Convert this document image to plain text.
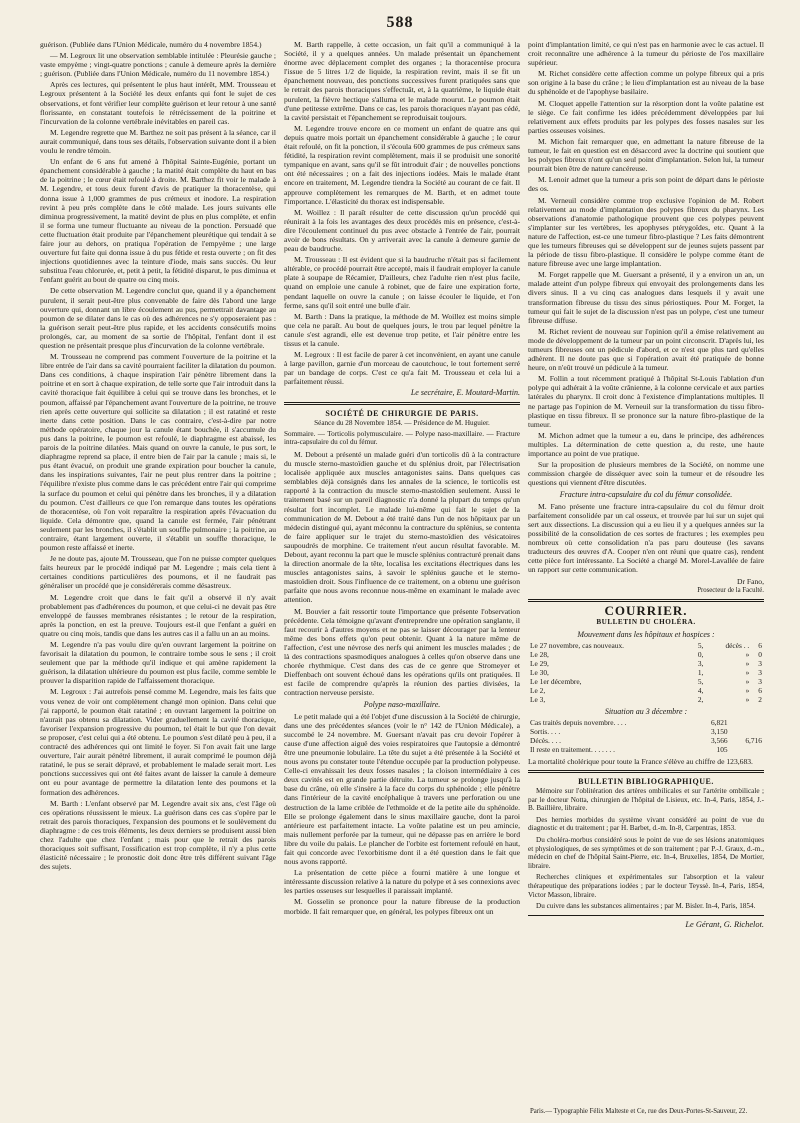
588

guérison. (Publiée dans l'Union Médicale, numéro du 4 novembre 1854.)

— M. Legroux lit une observation semblable intitulée : Pleurésie gauche ; vaste empyème ; vingt-quatre ponctions ; canule à demeure après la dernière ; guérison. (Publiée dans l'Union Médicale, numéro du 11 novembre 1854.)

Après ces lectures, qui présentent le plus haut intérêt, MM. Trousseau et Legroux présentent à la Société les deux enfants qui font le sujet de ces observations, et font vérifier leur complète guérison et leur retour à une santé florissante, en constatant toutefois le rétrécissement de la poitrine et l'incurvation de la colonne vertébrale inévitables en pareil cas.

M. Legendre regrette que M. Barthez ne soit pas présent à la séance, car il aurait communiqué, dans tous ses détails, l'observation suivante dont il a bien voulu le rendre témoin.

Un enfant de 6 ans fut amené à l'hôpital Sainte-Eugénie, portant un épanchement considérable à gauche ; la matité était complète du haut en bas de la poitrine ; le cœur était refoulé à droite. M. Barthez fit voir le malade à M. Legendre, et tous deux furent d'avis de pratiquer la thoracentèse, qui donna issue à 1,000 grammes de pus crémeux et inodore. La respiration revint à peu près complète dans le côté malade. Les jours suivants elle diminua progressivement, la matité devint de plus en plus complète, et enfin il se forma une tumeur fluctuante au niveau de la ponction. Persuadé que cette fluctuation était produite par l'épanchement pleurétique qui tendait à se faire jour au dehors, on pratiqua l'opération de l'empyème ; une large ouverture fut faite qui donna issue à du pus fétide et resta ouverte ; on fit des injections quotidiennes avec la teinture d'iode, mais sans succès. Ou leur substitua l'eau chlorurée, et, petit à petit, la fétidité disparut, le pus diminua et l'enfant guérit au bout de quatre ou cinq mois.

De cette observation M. Legendre conclut que, quand il y a épanchement purulent, il serait peut-être plus convenable de faire dès l'abord une large ouverture qui, donnant un libre écoulement au pus, permettrait davantage au poumon de se dilater dans le cas où des adhérences ne s'y opposeraient pas : la guérison serait peut-être plus rapide, et les accidents consécutifs moins prolongés, car, au moment de sa sortie de l'hôpital, l'enfant dont il est question ne présentait presque plus d'incurvation de la colonne vertébrale.

M. Trousseau ne comprend pas comment l'ouverture de la poitrine et la libre entrée de l'air dans sa cavité pourraient faciliter la dilatation du poumon. Dans ces conditions, à chaque inspiration l'air pénètre librement dans la poitrine et en sort à chaque expiration, de telle sorte que l'air introduit dans la cavité thoracique fait équilibre à celui qui se trouve dans les bronches, et le poumon, affaissé par l'épanchement avant l'ouverture de la poitrine, ne trouve rien après cette ouverture qui sollicite sa dilatation ; il est ratatiné et reste inerte dans cette position. Dans le cas contraire, c'est-à-dire par notre méthode opératoire, chaque jour la canule étant bouchée, il s'accumule du pus dans la poitrine, le poumon est refoulé, le diaphragme est abaissé, les parois de la poitrine dilatées. Mais quand on ouvre la canule, le pus sort, le diaphragme reprend sa place, il entre bien de l'air par la canule ; mais si, le pus étant évacué, on produit une grande expiration pour boucher la canule, dans les inspirations suivantes, l'air ne peut plus rentrer dans la poitrine ; l'équilibre n'existe plus comme dans le cas précédent entre l'air qui comprime la surface du poumon et celui qui pénètre dans les bronches, il y a dilatation du poumon. C'est d'ailleurs ce que l'on remarque dans toutes les opérations de thoracentèse, où l'on voit reparaître la respiration après l'évacuation du liquide. Cela démontre que, quand la canule est fermée, l'air pénétrant seulement par les bronches, il s'établit un souffle pulmonaire ; la poitrine, au contraire, étant largement ouverte, il s'établit un souffle thoracique, le poumon reste affaissé et inerte.

Je ne doute pas, ajoute M. Trousseau, que l'on ne puisse compter quelques faits heureux par le procédé indiqué par M. Legendre ; mais cela tient à certaines conditions particulières des poumons, et il ne faudrait pas généraliser un procédé que je considérerais comme désastreux.

M. Legendre croit que dans le fait qu'il a observé il n'y avait probablement pas d'adhérences du poumon, et que celui-ci ne devait pas être enveloppé de fausses membranes résistantes ; le retour de la respiration, après la ponction, en est la preuve. Toujours est-il que l'enfant a guéri en quatre ou cinq mois, tandis que dans les autres cas il a fallu un an au moins.

M. Legendre n'a pas voulu dire qu'en ouvrant largement la poitrine on favorisait la dilatation du poumon, le contraire tombe sous le sens ; il croit seulement que par la méthode qu'il indique et qui amène rapidement la guérison, la dilatation ultérieure du poumon est plus facile, comme semble le prouver la disparition rapide de l'affaissement thoracique.

M. Legroux : J'ai autrefois pensé comme M. Legendre, mais les faits que vous venez de voir ont complètement changé mon opinion. Dans celui que j'ai rapporté, le poumon était ratatiné ; en ouvrant largement la poitrine on n'aurait pas obtenu sa dilatation. Vider graduellement la cavité thoracique, favoriser l'expansion progressive du poumon, tel était le but que l'on devait se proposer, c'est celui qui a été obtenu. Le poumon s'est dilaté peu à peu, il a contracté des adhérences qui ont limité le foyer. Si l'on avait fait une large ouverture, l'air aurait pénétré librement, il aurait comprimé le poumon déjà ratatiné, le pus se serait dépravé, et probablement le malade serait mort. Les ponctions successives qui ont été faites avant de laisser la canule à demeure ont eu pour avantage de permettre la dilatation lente des poumons et la formation des adhérences.

M. Barth : L'enfant observé par M. Legendre avait six ans, c'est l'âge où ces opérations réussissent le mieux. La guérison dans ces cas s'opère par le retrait des parois thoraciques, l'expansion des poumons et le soulèvement du diaphragme : de ces trois éléments, les deux derniers se produisent aussi bien chez l'adulte que chez l'enfant ; mais pour que le retrait des parois thoraciques soit suffisant, l'ossification est trop complète, il n'y a plus cette élasticité nécessaire ; le pronostic doit donc être très différent suivant l'âge des sujets.

M. Barth rappelle, à cette occasion, un fait qu'il a communiqué à la Société, il y a quelques années. Un malade présentait un épanchement énorme avec déplacement complet des organes ; la thoracentèse procura l'issue de 5 litres 1/2 de liquide, la respiration revint, mais il se fit un épanchement nouveau, des ponctions successives furent pratiquées sans que le retrait des parois thoraciques s'effectuât, et, à la quatrième, le liquide était purulent, la fièvre hectique s'alluma et le malade mourut. Le poumon était d'une petitesse extrême. Dans ce cas, les parois thoraciques n'ayant pas cédé, la cavité persistait et l'épanchement se reproduisait toujours.

M. Legendre trouve encore en ce moment un enfant de quatre ans qui depuis quatre mois portait un épanchement considérable à gauche ; le cœur était refoulé, on fit la ponction, il s'écoula 600 grammes de pus crémeux sans fétidité, la respiration revint complètement, mais il se produisit une sonorité tympanique en avant, sans qu'il se fût introduit d'air ; de nouvelles ponctions ont été nécessaires ; on a fait des injections iodées. Mais le malade étant encore en traitement, M. Legendre tiendra la Société au courant de ce fait. Il approuve complètement les remarques de M. Barth, et en admet toute l'importance. L'élasticité du thorax est indispensable.

M. Woillez : Il paraît résulter de cette discussion qu'un procédé qui réunirait à la fois les avantages des deux procédés mis en présence, c'est-à-dire l'écoulement continuel du pus avec obstacle à l'entrée de l'air, pourrait avoir de bons résultats. On y arriverait avec la canule à demeure garnie de peau de baudruche.

M. Trousseau : Il est évident que si la baudruche n'était pas si facilement altérable, ce procédé pourrait être accepté, mais il faudrait employer la canule plate à soupape de Récamier, D'ailleurs, chez l'adulte rien n'est plus facile, quand on emploie une canule à robinet, que de faire une expiration forte, pendant laquelle on ouvre la canule ; on laisse écouler le liquide, et l'on ferme, sans qu'il soit entré une bulle d'air.

M. Barth : Dans la pratique, la méthode de M. Woillez est moins simple que cela ne paraît. Au bout de quelques jours, le trou par lequel pénètre la canule s'est agrandi, elle est devenue trop petite, et l'air pénètre entre les tissus et la canule.

M. Legroux : Il est facile de parer à cet inconvénient, en ayant une canule à large pavillon, garnie d'un morceau de caoutchouc, le tout fortement serré par un bandage de corps. C'est ce qu'a fait M. Trousseau et cela lui a parfaitement réussi.

Le secrétaire, E. Moutard-Martin.
SOCIÉTÉ DE CHIRURGIE DE PARIS.
Séance du 28 Novembre 1854. — Présidence de M. Huguier.
Sommaire. — Torticolis polymusculaire. — Polype naso-maxillaire. — Fracture intra-capsulaire du col du fémur.

M. Debout a présenté un malade guéri d'un torticolis dû à la contracture du muscle sterno-mastoïdien gauche et du splénius droit, par l'électrisation localisée appliquée aux muscles antagonistes sains. Dans quelques cas semblables déjà consignés dans les annales de la science, le torticolis est rapporté à la contraction du muscle sterno-mastoïdien seulement. Aussi le traitement basé sur un pareil diagnostic n'a donné la plupart du temps qu'un résultat fort incomplet. Le malade lui-même qui fait le sujet de la communication de M. Debout a été traité dans l'un de nos hôpitaux par un médecin distingué qui, ayant méconnu la contracture du splénius, se contenta de faire appliquer sur le trajet du sterno-mastoïdien des vésicatoires saupoudrés de morphine. Ce traitement n'eut aucun résultat favorable. M. Debout, ayant reconnu la part que le muscle splénius contracturé prenait dans la direction anormale de la tête, localisa les excitations électriques dans les muscles antagonistes sains, à savoir le splénius gauche et le sterno-mastoïdien droit. Sous l'influence de ce traitement, on a obtenu une guérison parfaite que nous avons reconnue nous-même en examinant le malade avec attention.

M. Bouvier a fait ressortir toute l'importance que présente l'observation précédente. Cela témoigne qu'avant d'entreprendre une opération sanglante, il faut recourir à d'autres moyens et ne pas se laisser décourager par la lenteur même des bons effets qu'on peut obtenir. Quant à la nature même de l'affection, c'est une névrose des nerfs qui animent les muscles malades ; de là des contractions spasmodiques analogues à celles qu'on observe dans une chorée rhythmique. C'est dans des cas de ce genre que Stromeyer et Dieffenbach ont souvent échoué dans les opérations qu'ils ont pratiquées. Il est facile de comprendre qu'après la réunion des parties divisées, la contraction nerveuse persiste.

Polype naso-maxillaire.

Le petit malade qui a été l'objet d'une discussion à la Société de chirurgie, dans une des précédentes séances (voir le n° 142 de l'Union Médicale), a succombé le 24 novembre. M. Guersant n'avait pas cru devoir l'opérer à cause d'une affection aiguë des voies respiratoires que l'autopsie a démontré être une pneumonie lobulaire. La tête du sujet a été présentée à la Société et nous avons pu constater toute l'étendue occupée par la production polypeuse. Celle-ci envahissait les deux fosses nasales ; la cloison intermédiaire à ces deux cavités est en grande partie détruite. La tumeur se prolonge jusqu'à la base du crâne, où elle s'insère à la face du corps du sphénoïde ; elle pénètre dans l'intérieur de la cavité encéphalique à travers une perforation ou une destruction de la lame criblée de l'ethmoïde et de la petite aile du sphénoïde. Elle se prolonge également dans le sinus maxillaire gauche, dont la paroi antérieure est parfaitement intacte. La voûte palatine est un peu amincie, mais nullement perforée par la tumeur, qui ne dépasse pas en arrière le bord libre du voile du palais. Le plancher de l'orbite est fortement refoulé en haut, fait qui concorde avec l'exorbitisme dont il a été question dans le fait que nous avons rapporté.

La présentation de cette pièce a fourni matière à une longue et intéressante discussion relative à la nature du polype et à ses connexions avec les parties osseuses sur lesquelles il paraissait implanté.

M. Gosselin se prononce pour la nature fibreuse de la production morbide. Il fait remarquer que, en général, les polypes fibreux ont un

point d'implantation limité, ce qui n'est pas en harmonie avec le cas actuel. Il croit reconnaître une adhérence à la tumeur du périoste de l'os maxillaire supérieur.

M. Richet considère cette affection comme un polype fibreux qui a pris son origine à la base du crâne ; le lieu d'implantation est au niveau de la base du sphénoïde et de l'apophyse basilaire.

M. Cloquet appelle l'attention sur la résorption dont la voûte palatine est le siège. Ce fait confirme les idées précédemment développées par lui relativement aux effets produits par les polypes des fosses nasales sur les parties osseuses voisines.

M. Michon fait remarquer que, en admettant la nature fibreuse de la tumeur, le fait en question est en désaccord avec la doctrine qui soutient que les polypes fibreux n'ont qu'un seul point d'implantation. Selon lui, la tumeur pourrait bien être de nature cancéreuse.

M. Lenoir admet que la tumeur a pris son point de départ dans le périoste des os.

M. Verneuil considère comme trop exclusive l'opinion de M. Robert relativement au mode d'implantation des polypes fibreux du pharynx. Les observations d'anatomie pathologique prouvent que ces polypes peuvent s'implanter sur les vertèbres, les apophyses ptérygoïdes, etc. Quant à la nature de l'affection, est-ce une tumeur fibro-plastique ? Les faits démontrent que les tumeurs fibreuses qui se développent sur de jeunes sujets passent par la période de tissu fibro-plastique. Il considère le polype comme étant de nature fibreuse avec une large implantation.

M. Forget rappelle que M. Guersant a présenté, il y a environ un an, un malade atteint d'un polype fibreux qui envoyait des prolongements dans les divers sinus. Il a vu cinq cas analogues dans lesquels il y avait une transformation fibreuse du tissu des sinus périostiques. Pour M. Forget, la tumeur qui fait le sujet de la discussion n'est pas un polype, c'est une tumeur fibreuse diffuse.

M. Richet revient de nouveau sur l'opinion qu'il a émise relativement au mode de développement de la tumeur par un point circonscrit. D'après lui, les tumeurs fibreuses ont un pédicule d'abord, et ce n'est que plus tard qu'elles adhèrent. Il ne doute pas que si l'opération avait été pratiquée de bonne heure, on n'eût trouvé un pédicule à la tumeur.

M. Follin a tout récemment pratiqué à l'hôpital St-Louis l'ablation d'un polype qui adhérait à la voûte crânienne, à la colonne cervicale et aux parties latérales du pharynx. Il croit donc à l'existence d'implantations multiples. Il ne partage pas l'opinion de M. Verneuil sur la transformation du tissu fibro-plastique en tissu fibreux. Il se prononce sur la nature fibro-plastique de la tumeur.

M. Michon admet que la tumeur a eu, dans le principe, des adhérences multiples. La détermination de cette question a, du reste, une haute importance au point de vue pratique.

Sur la proposition de plusieurs membres de la Société, on nomme une commission chargée de disséquer avec soin la tumeur et de résoudre les questions qui viennent d'être discutées.

Fracture intra-capsulaire du col du fémur consolidée.

M. Fano présente une fracture intra-capsulaire du col du fémur droit parfaitement consolidée par un cal osseux, et trouvée par lui sur un sujet qui sert aux dissections. La discussion qui a eu lieu il y a quelques années sur la possibilité de la consolidation de ces sortes de fractures ; les exemples peu nombreux où cette consolidation n'a pas paru douteuse (les savans traducteurs des œuvres d'A. Cooper n'en ont réuni que quatre cas), rendent cette pièce fort intéressante. La Société a chargé M. Morel-Lavallée de faire un rapport sur cette communication.

Dr Fano,
Prosecteur de la Faculté.
COURRIER.
BULLETIN DU CHOLÉRA.
Mouvement dans les hôpitaux et hospices :
Le 27 novembre, cas nouveaux.	5,	décès . .	6
Le 28,	0,	»	0
Le 29,	3,	»	3
Le 30,	1,	»	3
Le 1er décembre,	5,	»	3
Le 2,	4,	»	6
Le 3,	2,	»	2
Situation au 3 décembre :
Cas traités depuis novembre. . . .	6,821	
Sortis. . . .	3,150	
Décès. . . .	3,566	6,716
Il reste en traitement. . . . . . .	105	

La mortalité cholérique pour toute la France s'élève au chiffre de 123,683.

BULLETIN BIBLIOGRAPHIQUE.

Mémoire sur l'oblitération des artères ombilicales et sur l'artérite ombilicale ; par le docteur Notta, chirurgien de l'hôpital de Lisieux, etc. In-4, Paris, 1854, J.-B. Baillière, libraire.

Des hernies morbides du système vivant considéré au point de vue du diagnostic et du traitement ; par H. Barbet, d.-m. In-8, Carpentras, 1853.

Du choléra-morbus considéré sous le point de vue de ses lésions anatomiques et physiologiques, de ses symptômes et de son traitement ; par P.-J. Graux, d.-m., médecin en chef de l'hôpital Saint-Pierre, etc. In-4, Bruxelles, 1854, De Mortier, libraire.

Recherches cliniques et expérimentales sur l'absorption et la valeur thérapeutique des préparations iodées ; par le docteur Teyssè. In-4, Paris, 1854, Victor Masson, libraire.

Du cuivre dans les substances alimentaires ; par M. Bisler. In-4, Paris, 1854.

Le Gérant, G. Richelot.
Paris.— Typographie Félix Malteste et Ce, rue des Deux-Portes-St-Sauveur, 22.
